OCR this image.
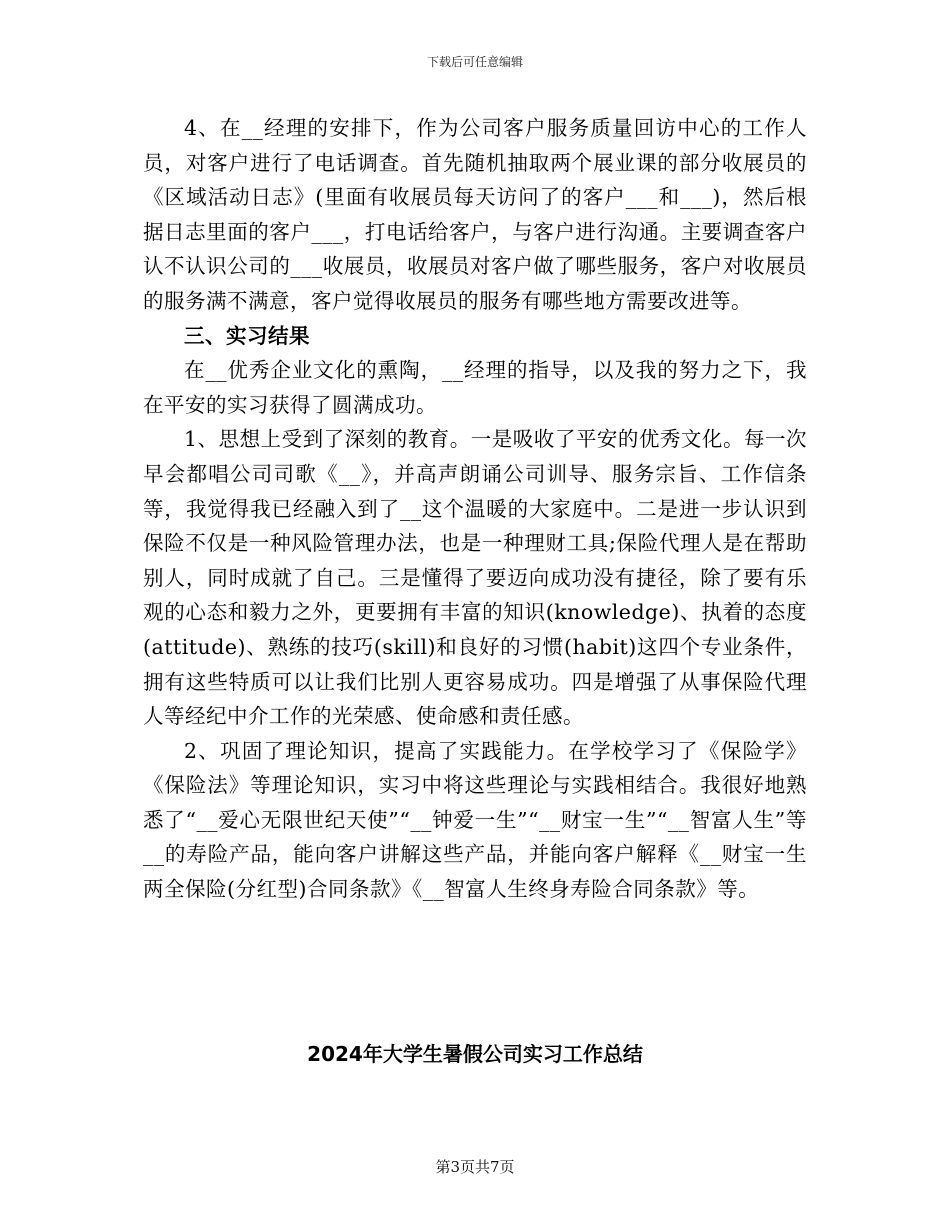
下载后可任意编辑

4、在__经理的安排下，作为公司客户服务质量回访中心的工作人员，对客户进行了电话调查。首先随机抽取两个展业课的部分收展员的《区域活动日志》(里面有收展员每天访问了的客户___和___)，然后根据日志里面的客户___，打电话给客户，与客户进行沟通。主要调查客户认不认识公司的___收展员，收展员对客户做了哪些服务，客户对收展员的服务满不满意，客户觉得收展员的服务有哪些地方需要改进等。

三、实习结果

在__优秀企业文化的熏陶，__经理的指导，以及我的努力之下，我在平安的实习获得了圆满成功。

1、思想上受到了深刻的教育。一是吸收了平安的优秀文化。每一次早会都唱公司司歌《__》，并高声朗诵公司训导、服务宗旨、工作信条等，我觉得我已经融入到了__这个温暖的大家庭中。二是进一步认识到保险不仅是一种风险管理办法，也是一种理财工具;保险代理人是在帮助别人，同时成就了自己。三是懂得了要迈向成功没有捷径，除了要有乐观的心态和毅力之外，更要拥有丰富的知识(knowledge)、执着的态度(attitude)、熟练的技巧(skill)和良好的习惯(habit)这四个专业条件，拥有这些特质可以让我们比别人更容易成功。四是增强了从事保险代理人等经纪中介工作的光荣感、使命感和责任感。

2、巩固了理论知识，提高了实践能力。在学校学习了《保险学》《保险法》等理论知识，实习中将这些理论与实践相结合。我很好地熟悉了“__爱心无限世纪天使”“__钟爱一生”“__财宝一生”“__智富人生”等__的寿险产品，能向客户讲解这些产品，并能向客户解释《__财宝一生两全保险(分红型)合同条款》《__智富人生终身寿险合同条款》等。

2024年大学生暑假公司实习工作总结
第3页共7页
